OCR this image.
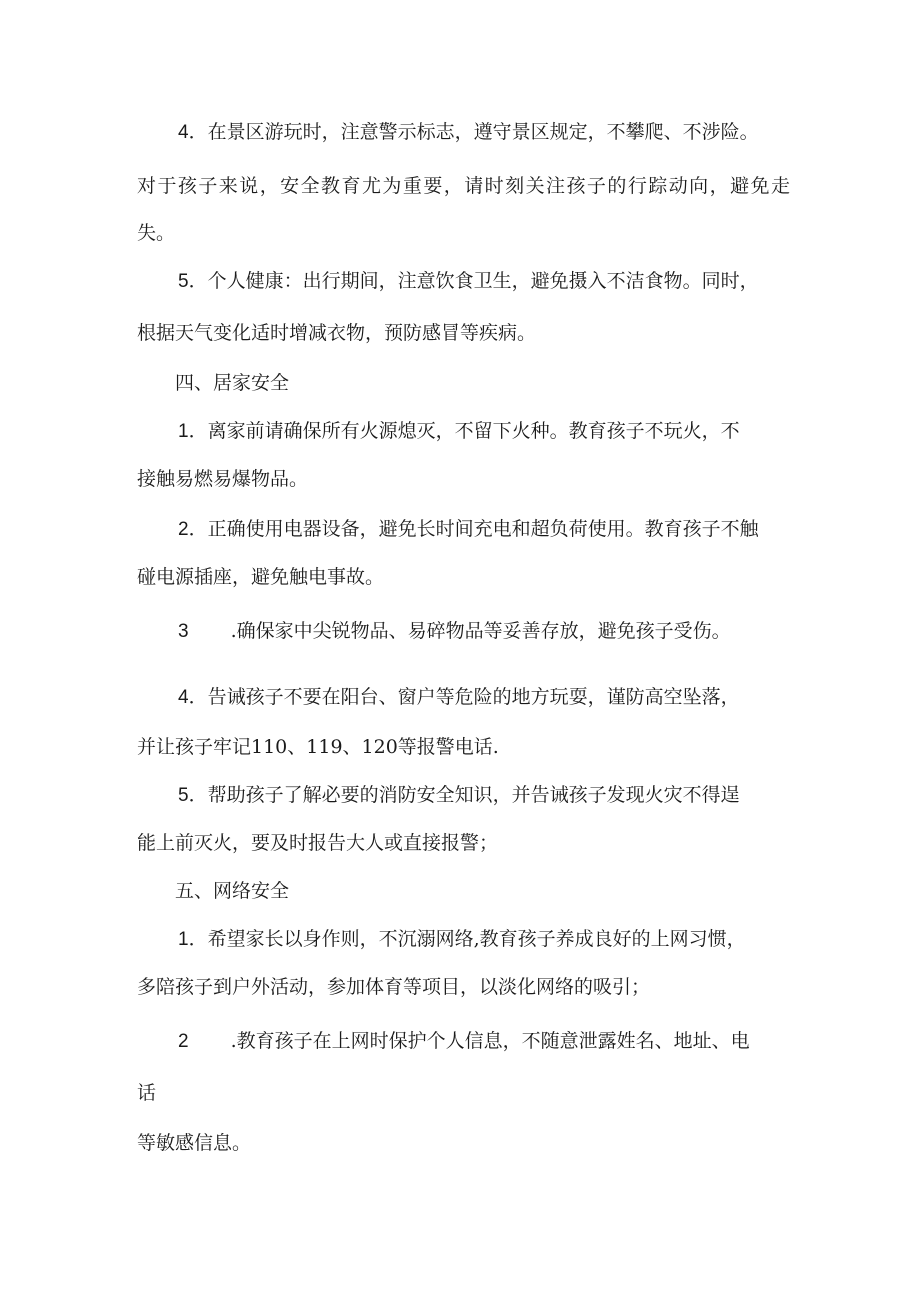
4．在景区游玩时，注意警示标志，遵守景区规定，不攀爬、不涉险。
对于孩子来说，安全教育尤为重要，请时刻关注孩子的行踪动向，避免走
失。
5．个人健康：出行期间，注意饮食卫生，避免摄入不洁食物。同时，
根据天气变化适时增减衣物，预防感冒等疾病。
四、居家安全
1．离家前请确保所有火源熄灭，不留下火种。教育孩子不玩火，不
接触易燃易爆物品。
2．正确使用电器设备，避免长时间充电和超负荷使用。教育孩子不触
碰电源插座，避免触电事故。
3 .确保家中尖锐物品、易碎物品等妥善存放，避免孩子受伤。
4．告诫孩子不要在阳台、窗户等危险的地方玩耍，谨防高空坠落，
并让孩子牢记110、119、120等报警电话.
5．帮助孩子了解必要的消防安全知识，并告诫孩子发现火灾不得逞
能上前灭火，要及时报告大人或直接报警；
五、网络安全
1．希望家长以身作则，不沉溺网络,教育孩子养成良好的上网习惯，
多陪孩子到户外活动，参加体育等项目，以淡化网络的吸引；
2 .教育孩子在上网时保护个人信息，不随意泄露姓名、地址、电
话
等敏感信息。
